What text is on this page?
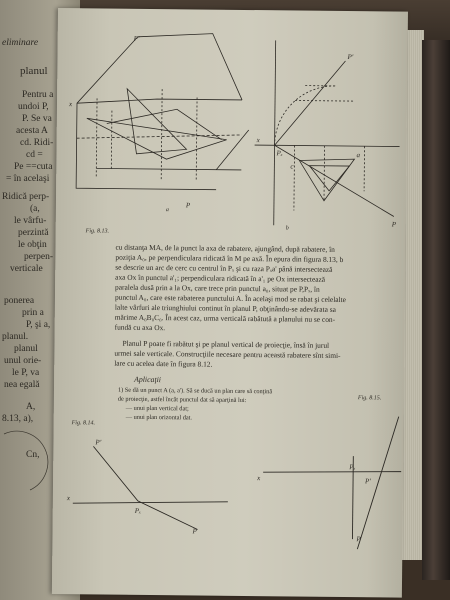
eliminare
planul
Pentru a
undoi P,
P. Se va
acesta A
cd. Ridi-
cd =
Pe ==cuta
= în acelaşi
Ridică perp-
(a,
le vârfu-
perzintă
le obţin
perpen-
verticale
ponerea
prin a
P, şi a,
planul.
planul
unul orie-
le P, va
nea egală
A,
8.13, a),
Cn,
P'
x
P
Fig. 8.13.
a
P'
x
Pₓ
c
a
P
b
cu distanţa MA, de la punct la axa de rabatere, ajungând, după rabatere, în
poziţia A₀, pe perpendiculara ridicată în M pe axă. În epura din figura 8.13, b
se descrie un arc de cerc cu centrul în Pₓ şi cu raza Pₓa' până intersectează
axa Ox în punctul a'₁; perpendiculara ridicată în a'₁ pe Ox intersectează
paralela dusă prin a la Ox, care trece prin punctul a₀, situat pe P,Pₓ, în
punctul A₀, care este rabaterea punctului A. În acelaşi mod se rabat şi celelalte
lalte vârfuri ale triunghiului continut în planul P, obţinându-se adevărata sa
mărime A₀B₀C₀. În acest caz, urma verticală rabătută a planului nu se con-
fundă cu axa Ox.
Planul P poate fi rabătut şi pe planul vertical de proiecţie, însă în jurul
urmei sale verticale. Construcţiile necesare pentru această rabatere sînt simi-
lare cu acelea date în figura 8.12.
Aplicaţii
1) Se dă un punct A (a, a'). Să se ducă un plan care să conţină
de proiecţie, astfel încât punctul dat să aparţină lui:
— unui plan vertical dat;
— unui plan orizontal dat.
Fig. 8.14.
Fig. 8.15.
x
P'
Pₓ
P
x
Pₓ
P'
P
